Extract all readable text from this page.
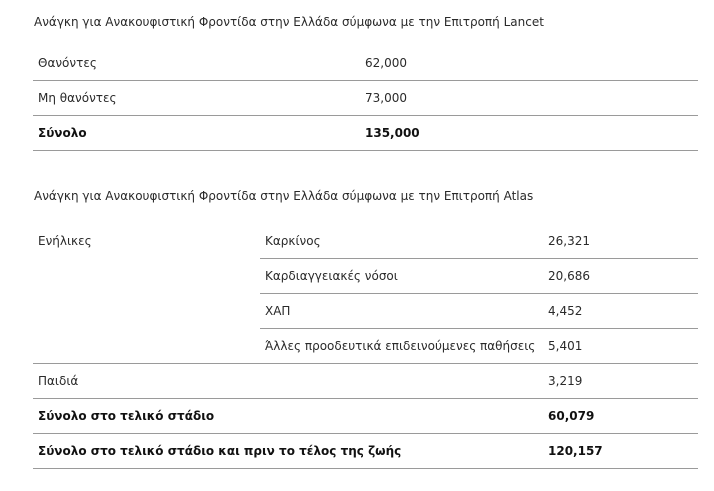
Ανάγκη για Ανακουφιστική Φροντίδα στην Ελλάδα σύμφωνα με την Επιτροπή Lancet
Θανόντες	62,000
Μη θανόντες	73,000
Σύνολο	135,000
Ανάγκη για Ανακουφιστική Φροντίδα στην Ελλάδα σύμφωνα με την Επιτροπή Atlas
Ενήλικες	Καρκίνος	26,321
	Καρδιαγγειακές νόσοι	20,686
	ΧΑΠ	4,452
	Άλλες προοδευτικά επιδεινούμενες παθήσεις	5,401
Παιδιά		3,219
Σύνολο στο τελικό στάδιο		60,079
Σύνολο στο τελικό στάδιο και πριν το τέλος της ζωής		120,157
